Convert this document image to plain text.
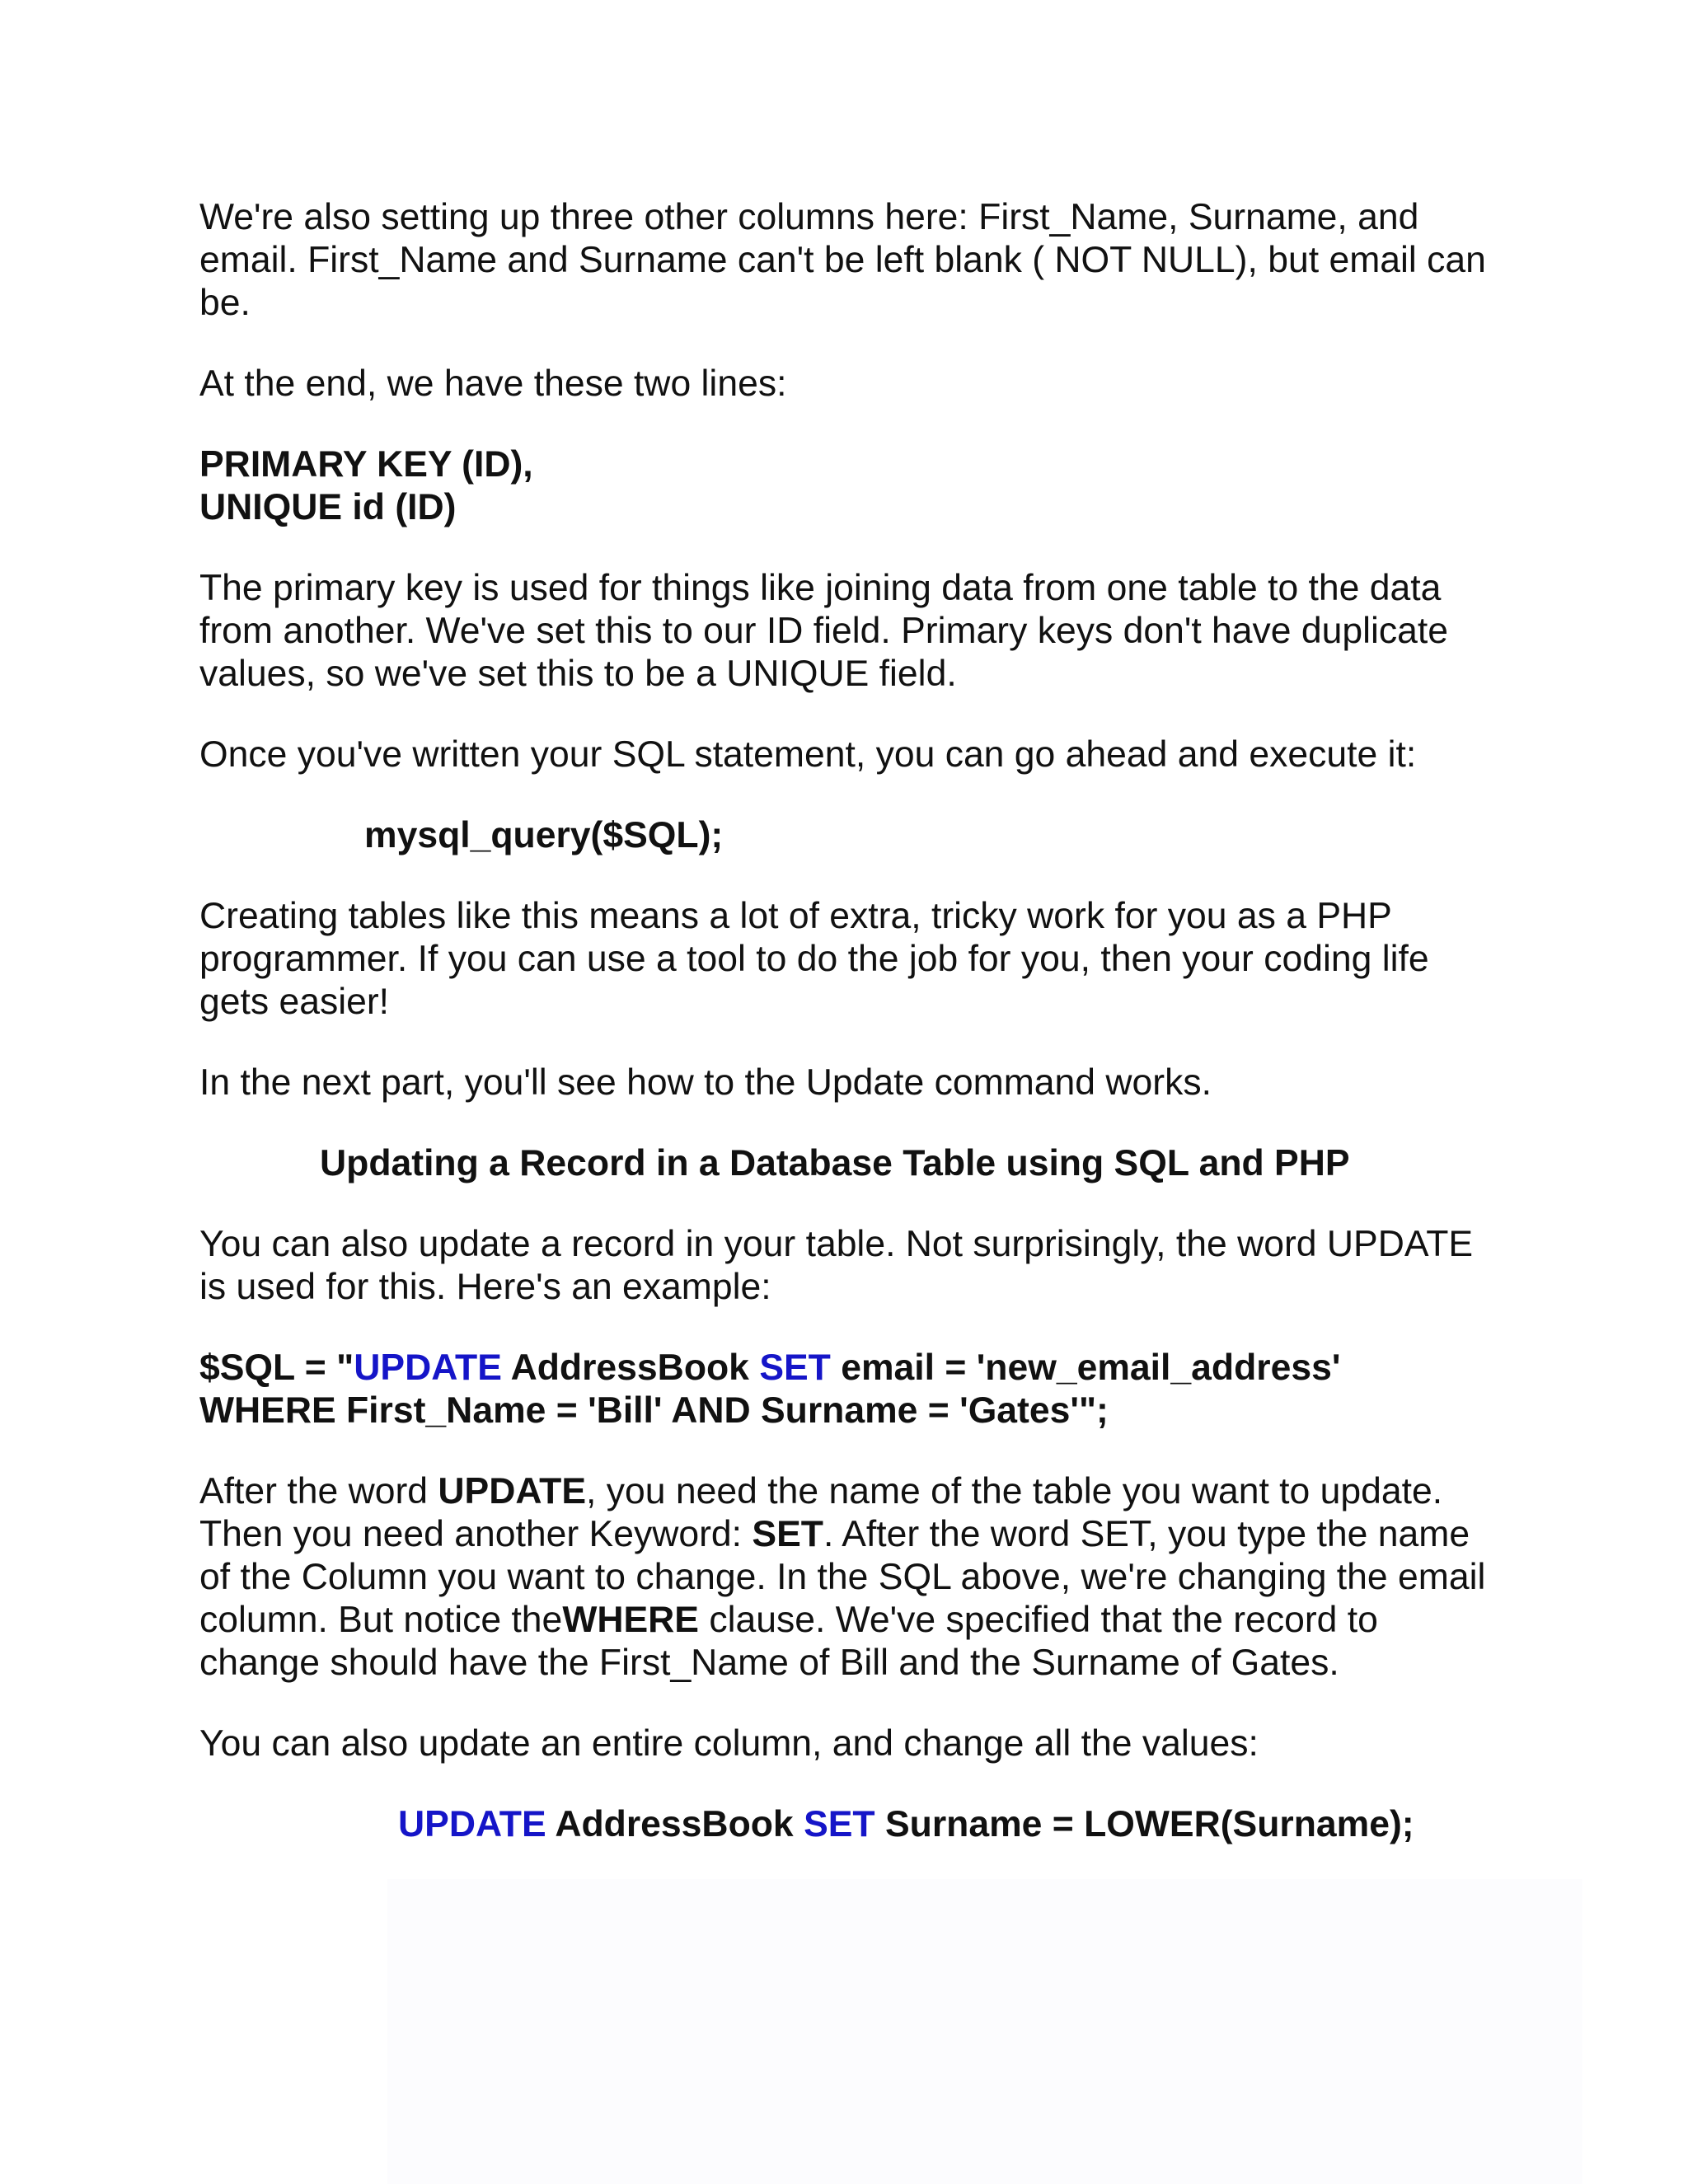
We're also setting up three other columns here: First_Name, Surname, and email. First_Name and Surname can't be left blank ( NOT NULL), but email can be.

At the end, we have these two lines:

PRIMARY KEY (ID),
UNIQUE id (ID)

The primary key is used for things like joining data from one table to the data from another. We've set this to our ID field. Primary keys don't have duplicate values, so we've set this to be a UNIQUE field.

Once you've written your SQL statement, you can go ahead and execute it:

mysql_query($SQL);

Creating tables like this means a lot of extra, tricky work for you as a PHP programmer. If you can use a tool to do the job for you, then your coding life gets easier!

In the next part, you'll see how to the Update command works.

Updating a Record in a Database Table using SQL and PHP

You can also update a record in your table. Not surprisingly, the word UPDATE is used for this. Here's an example:

$SQL = "UPDATE AddressBook SET email = 'new_email_address'
WHERE First_Name = 'Bill' AND Surname = 'Gates'";

After the word UPDATE, you need the name of the table you want to update. Then you need another Keyword: SET. After the word SET, you type the name of the Column you want to change. In the SQL above, we're changing the email column. But notice theWHERE clause. We've specified that the record to change should have the First_Name of Bill and the Surname of Gates.

You can also update an entire column, and change all the values:

UPDATE AddressBook SET Surname = LOWER(Surname);
